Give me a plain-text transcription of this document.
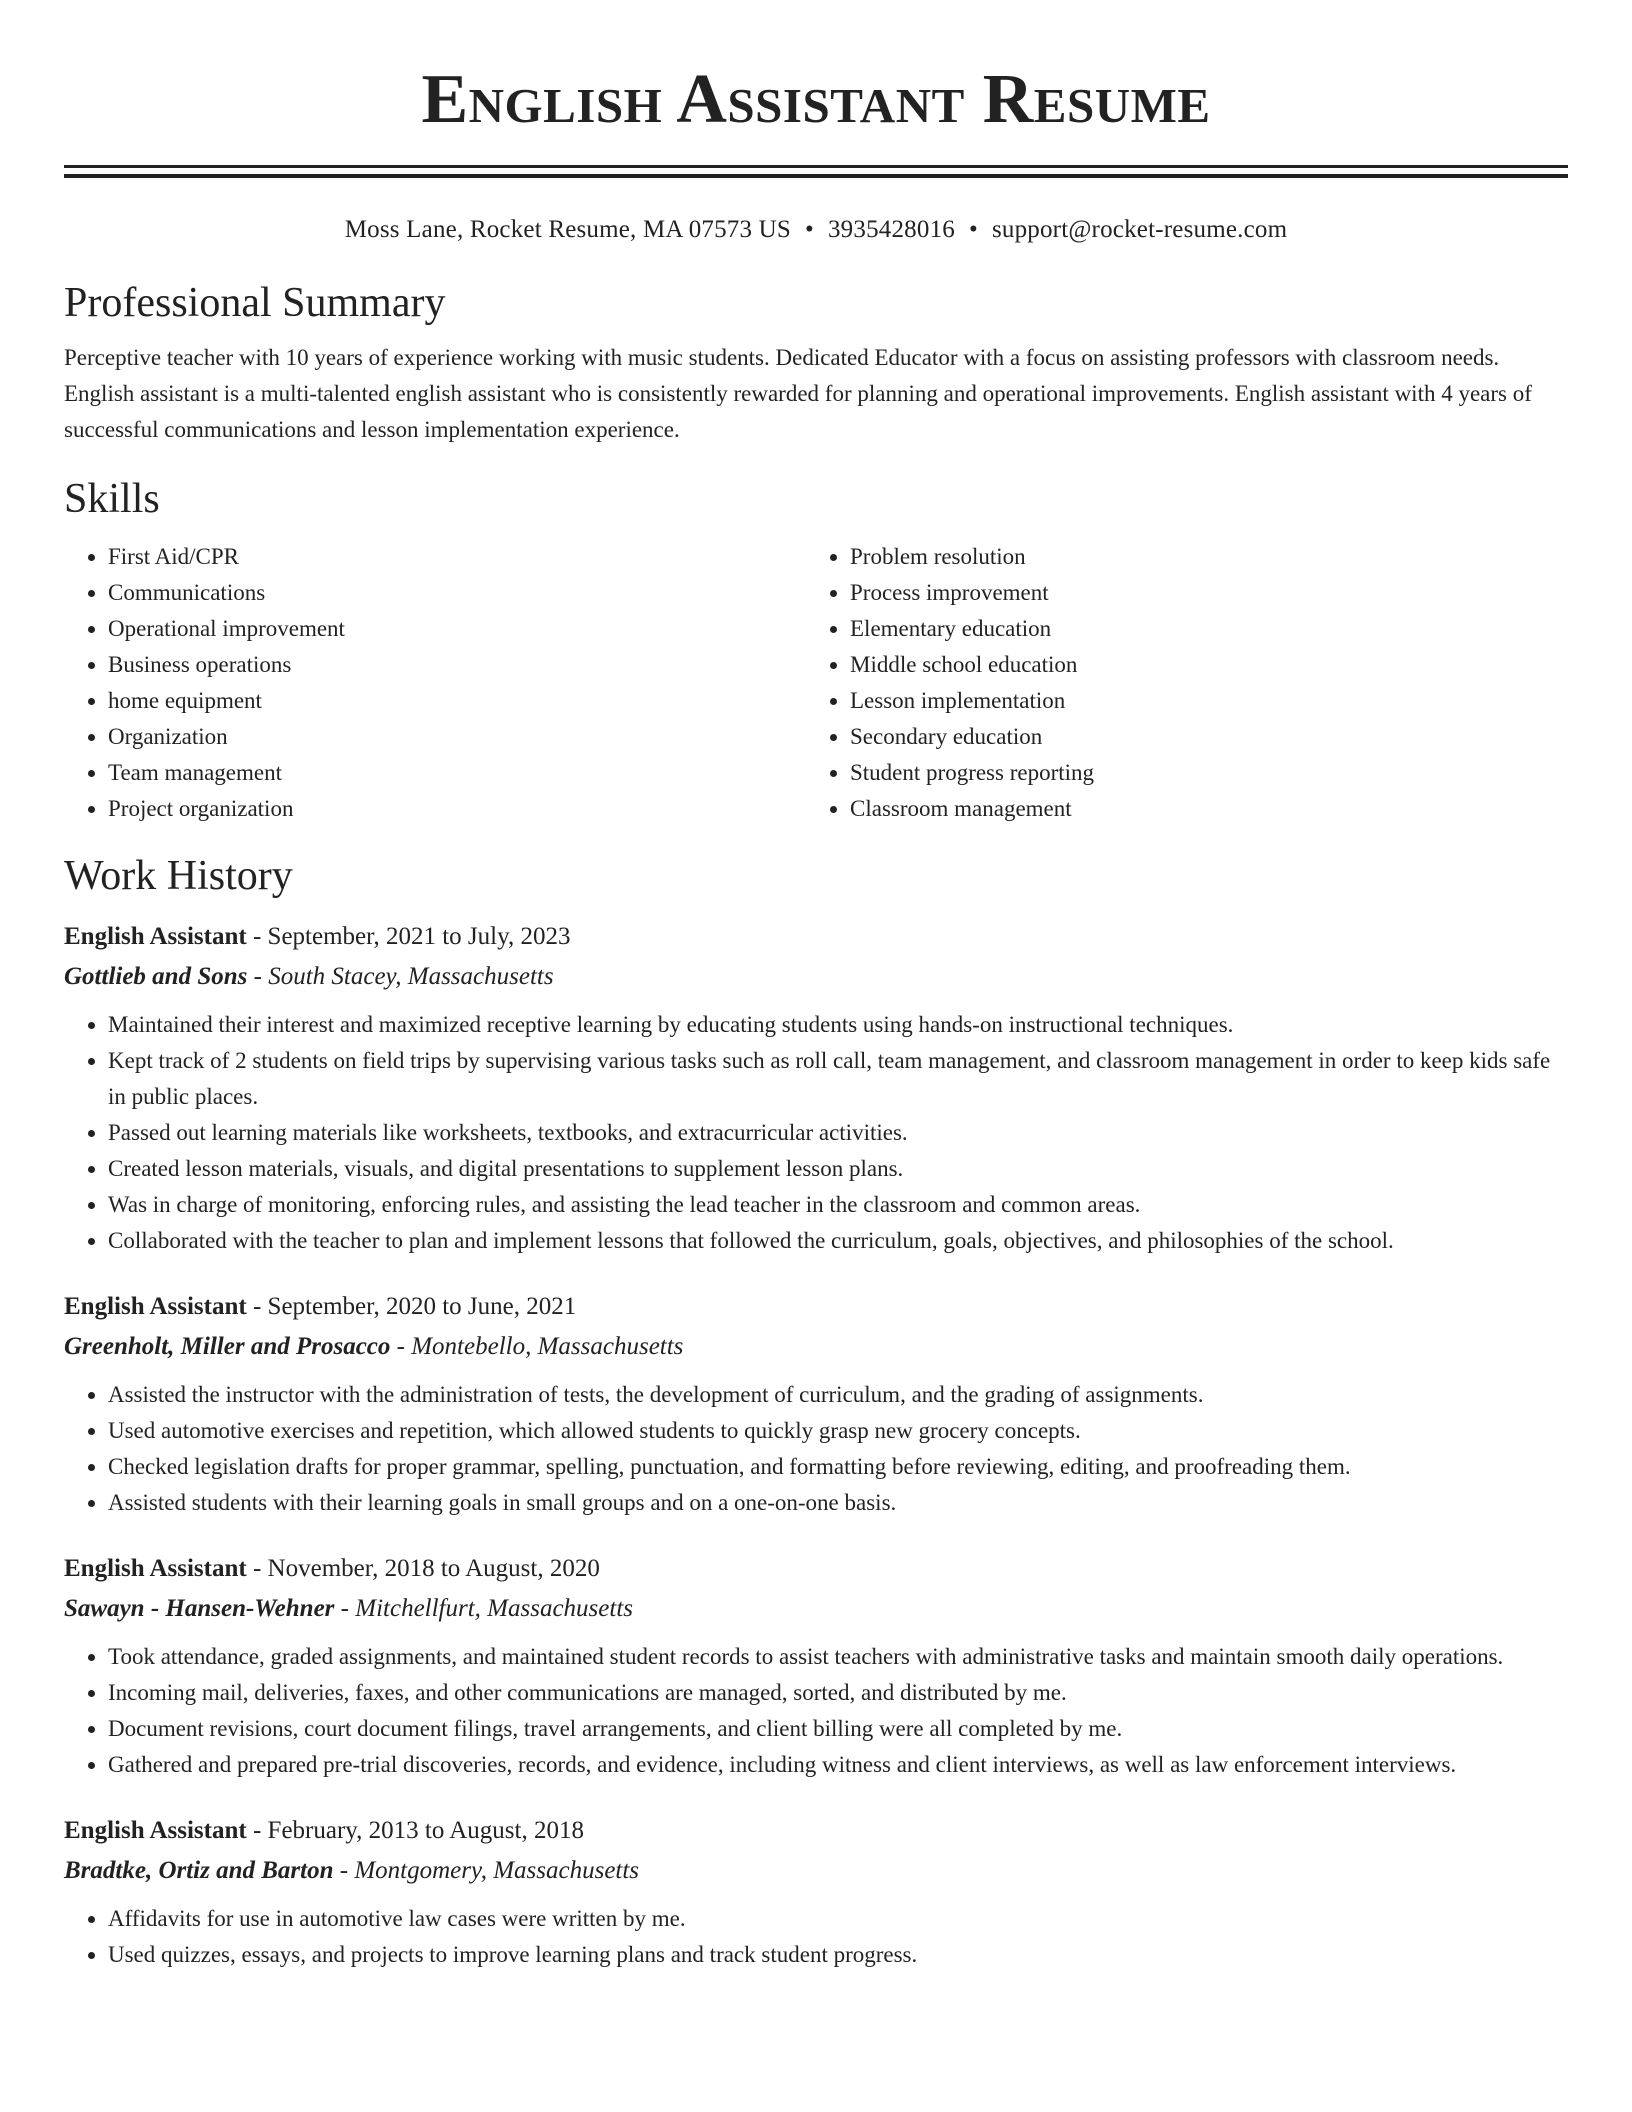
English Assistant Resume
Moss Lane, Rocket Resume, MA 07573 US • 3935428016 • support@rocket-resume.com
Professional Summary

Perceptive teacher with 10 years of experience working with music students. Dedicated Educator with a focus on assisting professors with classroom needs. English assistant is a multi-talented english assistant who is consistently rewarded for planning and operational improvements. English assistant with 4 years of successful communications and lesson implementation experience.

Skills
• First Aid/CPR
• Communications
• Operational improvement
• Business operations
• home equipment
• Organization
• Team management
• Project organization
• Problem resolution
• Process improvement
• Elementary education
• Middle school education
• Lesson implementation
• Secondary education
• Student progress reporting
• Classroom management
Work History
English Assistant - September, 2021 to July, 2023
Gottlieb and Sons - South Stacey, Massachusetts
• Maintained their interest and maximized receptive learning by educating students using hands-on instructional techniques.
• Kept track of 2 students on field trips by supervising various tasks such as roll call, team management, and classroom management in order to keep kids safe in public places.
• Passed out learning materials like worksheets, textbooks, and extracurricular activities.
• Created lesson materials, visuals, and digital presentations to supplement lesson plans.
• Was in charge of monitoring, enforcing rules, and assisting the lead teacher in the classroom and common areas.
• Collaborated with the teacher to plan and implement lessons that followed the curriculum, goals, objectives, and philosophies of the school.
English Assistant - September, 2020 to June, 2021
Greenholt, Miller and Prosacco - Montebello, Massachusetts
• Assisted the instructor with the administration of tests, the development of curriculum, and the grading of assignments.
• Used automotive exercises and repetition, which allowed students to quickly grasp new grocery concepts.
• Checked legislation drafts for proper grammar, spelling, punctuation, and formatting before reviewing, editing, and proofreading them.
• Assisted students with their learning goals in small groups and on a one-on-one basis.
English Assistant - November, 2018 to August, 2020
Sawayn - Hansen-Wehner - Mitchellfurt, Massachusetts
• Took attendance, graded assignments, and maintained student records to assist teachers with administrative tasks and maintain smooth daily operations.
• Incoming mail, deliveries, faxes, and other communications are managed, sorted, and distributed by me.
• Document revisions, court document filings, travel arrangements, and client billing were all completed by me.
• Gathered and prepared pre-trial discoveries, records, and evidence, including witness and client interviews, as well as law enforcement interviews.
English Assistant - February, 2013 to August, 2018
Bradtke, Ortiz and Barton - Montgomery, Massachusetts
• Affidavits for use in automotive law cases were written by me.
• Used quizzes, essays, and projects to improve learning plans and track student progress.
